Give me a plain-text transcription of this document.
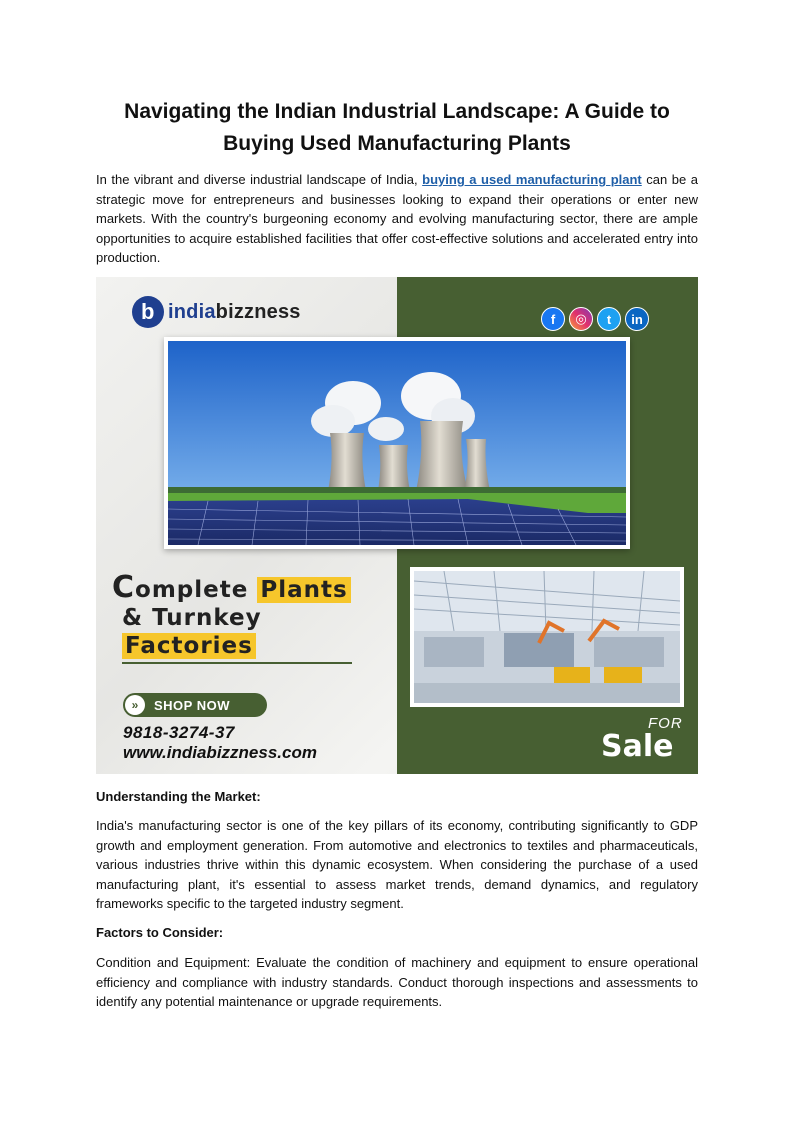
Navigating the Indian Industrial Landscape: A Guide to Buying Used Manufacturing Plants

In the vibrant and diverse industrial landscape of India, buying a used manufacturing plant can be a strategic move for entrepreneurs and businesses looking to expand their operations or enter new markets. With the country's burgeoning economy and evolving manufacturing sector, there are ample opportunities to acquire established facilities that offer cost-effective solutions and accelerated entry into production.

Understanding the Market:

India's manufacturing sector is one of the key pillars of its economy, contributing significantly to GDP growth and employment generation. From automotive and electronics to textiles and pharmaceuticals, various industries thrive within this dynamic ecosystem. When considering the purchase of a used manufacturing plant, it's essential to assess market trends, demand dynamics, and regulatory frameworks specific to the targeted industry segment.

Factors to Consider:

Condition and Equipment: Evaluate the condition of machinery and equipment to ensure operational efficiency and compliance with industry standards. Conduct thorough inspections and assessments to identify any potential maintenance or upgrade requirements.

b indiabizzness	f	◎	t	in
Complete Plants
& Turnkey
Factories
»	SHOP NOW
9818-3274-37
www.indiabizzness.com
FOR
Sale
